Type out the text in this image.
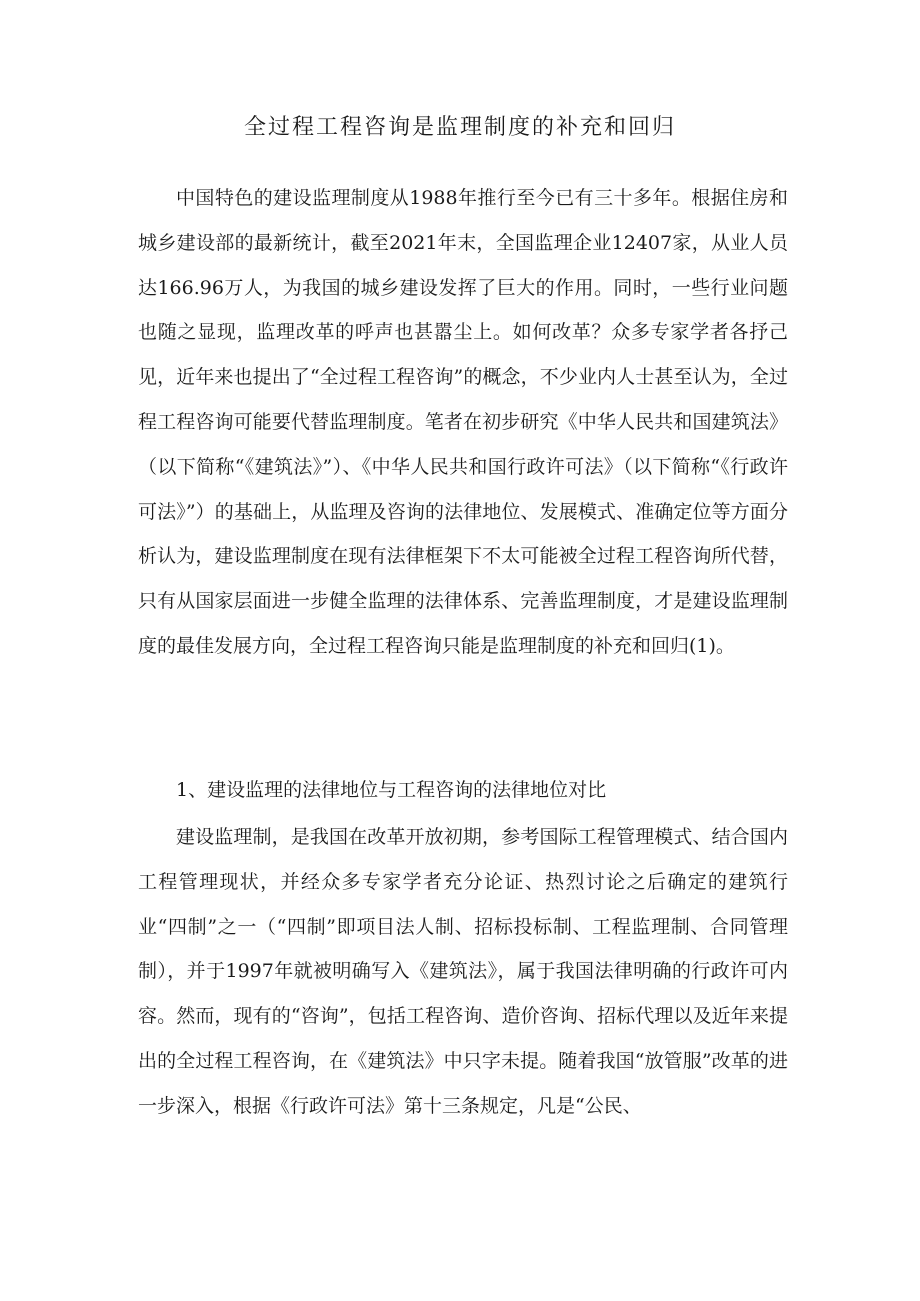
全过程工程咨询是监理制度的补充和回归

中国特色的建设监理制度从1988年推行至今已有三十多年。根据住房和城乡建设部的最新统计，截至2021年末，全国监理企业12407家，从业人员达166.96万人，为我国的城乡建设发挥了巨大的作用。同时，一些行业问题也随之显现，监理改革的呼声也甚嚣尘上。如何改革？众多专家学者各抒己见，近年来也提出了“全过程工程咨询”的概念，不少业内人士甚至认为，全过程工程咨询可能要代替监理制度。笔者在初步研究《中华人民共和国建筑法》（以下简称“《建筑法》”）、《中华人民共和国行政许可法》（以下简称“《行政许可法》”）的基础上，从监理及咨询的法律地位、发展模式、准确定位等方面分析认为，建设监理制度在现有法律框架下不太可能被全过程工程咨询所代替，只有从国家层面进一步健全监理的法律体系、完善监理制度，才是建设监理制度的最佳发展方向，全过程工程咨询只能是监理制度的补充和回归(1)。

1、建设监理的法律地位与工程咨询的法律地位对比

建设监理制，是我国在改革开放初期，参考国际工程管理模式、结合国内工程管理现状，并经众多专家学者充分论证、热烈讨论之后确定的建筑行业“四制”之一（“四制”即项目法人制、招标投标制、工程监理制、合同管理制），并于1997年就被明确写入《建筑法》，属于我国法律明确的行政许可内容。然而，现有的“咨询”，包括工程咨询、造价咨询、招标代理以及近年来提出的全过程工程咨询，在《建筑法》中只字未提。随着我国“放管服”改革的进一步深入，根据《行政许可法》第十三条规定，凡是“公民、
